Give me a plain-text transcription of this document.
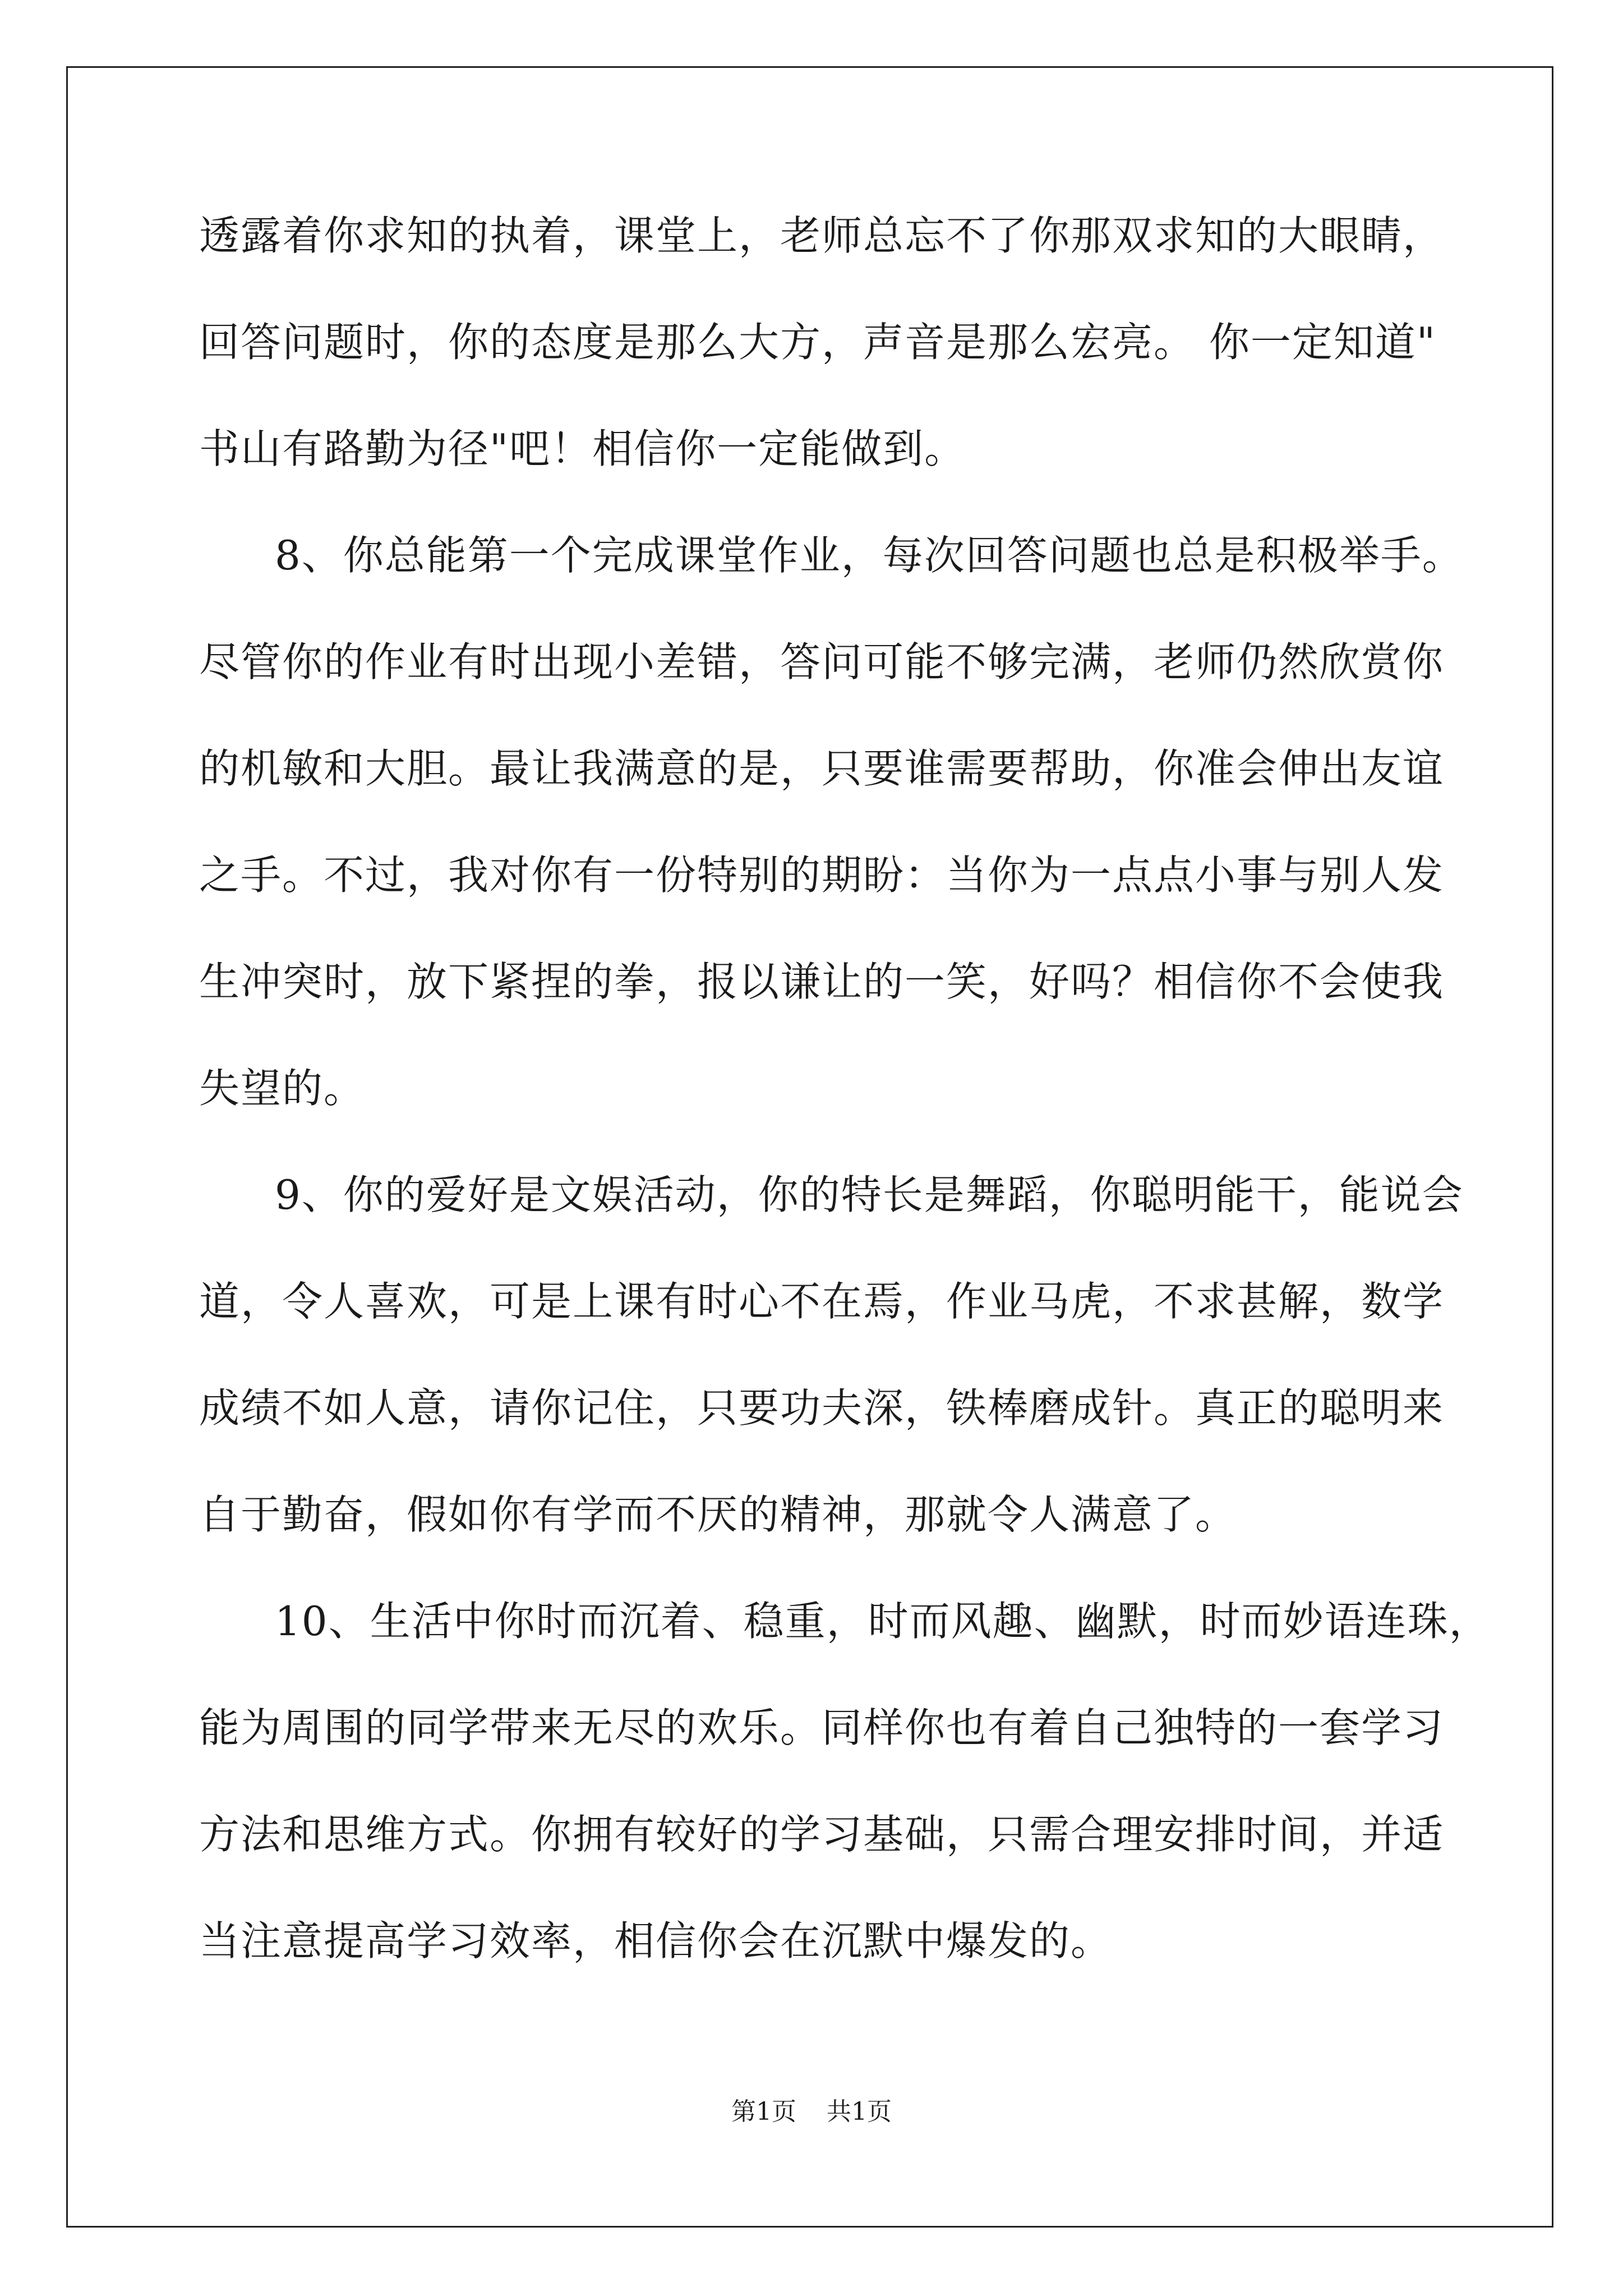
透露着你求知的执着，课堂上，老师总忘不了你那双求知的大眼睛，
回答问题时，你的态度是那么大方，声音是那么宏亮。 你一定知道"
书山有路勤为径"吧！相信你一定能做到。
8、你总能第一个完成课堂作业，每次回答问题也总是积极举手。
尽管你的作业有时出现小差错，答问可能不够完满，老师仍然欣赏你
的机敏和大胆。最让我满意的是，只要谁需要帮助，你准会伸出友谊
之手。不过，我对你有一份特别的期盼：当你为一点点小事与别人发
生冲突时，放下紧捏的拳，报以谦让的一笑，好吗？相信你不会使我
失望的。
9、你的爱好是文娱活动，你的特长是舞蹈，你聪明能干，能说会
道，令人喜欢，可是上课有时心不在焉，作业马虎，不求甚解，数学
成绩不如人意，请你记住，只要功夫深，铁棒磨成针。真正的聪明来
自于勤奋，假如你有学而不厌的精神，那就令人满意了。
10、生活中你时而沉着、稳重，时而风趣、幽默，时而妙语连珠，
能为周围的同学带来无尽的欢乐。同样你也有着自己独特的一套学习
方法和思维方式。你拥有较好的学习基础，只需合理安排时间，并适
当注意提高学习效率，相信你会在沉默中爆发的。
第1页 共1页
